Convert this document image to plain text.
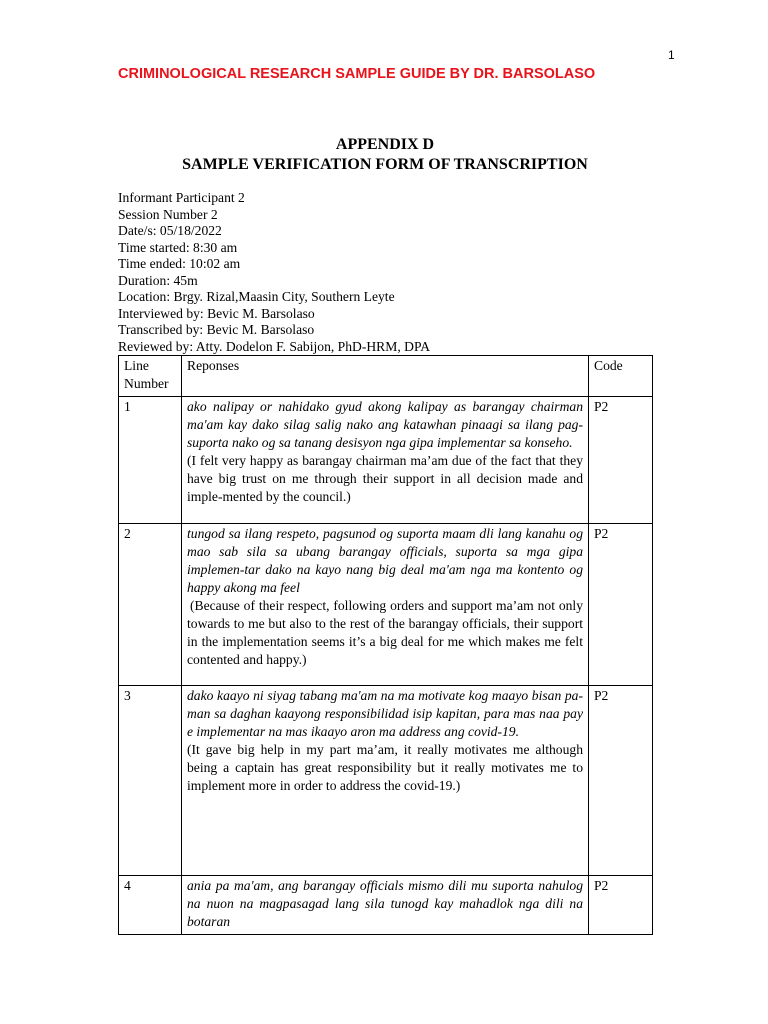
1
CRIMINOLOGICAL RESEARCH SAMPLE GUIDE BY DR. BARSOLASO
APPENDIX D
SAMPLE VERIFICATION FORM OF TRANSCRIPTION
Informant Participant 2
Session Number 2
Date/s: 05/18/2022
Time started: 8:30 am
Time ended: 10:02 am
Duration: 45m
Location: Brgy. Rizal,Maasin City, Southern Leyte
Interviewed by: Bevic M. Barsolaso
Transcribed by: Bevic M. Barsolaso
Reviewed by: Atty. Dodelon F. Sabijon, PhD-HRM, DPA
Line Number	Reponses	Code
1	ako nalipay or nahidako gyud akong kalipay as barangay chairman ma'am kay dako silag salig nako ang katawhan pinaagi sa ilang pag-suporta nako og sa tanang desisyon nga gipa implementar sa konseho.

(I felt very happy as barangay chairman ma’am due of the fact that they have big trust on me through their support in all decision made and imple-mented by the council.)	P2
2	tungod sa ilang respeto, pagsunod og suporta maam dli lang kanahu og mao sab sila sa ubang barangay officials, suporta sa mga gipa implemen-tar dako na kayo nang big deal ma'am nga ma kontento og happy akong ma feel

(Because of their respect, following orders and support ma’am not only towards to me but also to the rest of the barangay officials, their support in the implementation seems it’s a big deal for me which makes me felt contented and happy.)	P2
3	dako kaayo ni siyag tabang ma'am na ma motivate kog maayo bisan pa-man sa daghan kaayong responsibilidad isip kapitan, para mas naa pay e implementar na mas ikaayo aron ma address ang covid-19.

(It gave big help in my part ma’am, it really motivates me although being a captain has great responsibility but it really motivates me to implement more in order to address the covid-19.)	P2
4	ania pa ma'am, ang barangay officials mismo dili mu suporta nahulog na nuon na magpasagad lang sila tunogd kay mahadlok nga dili na botaran	P2
